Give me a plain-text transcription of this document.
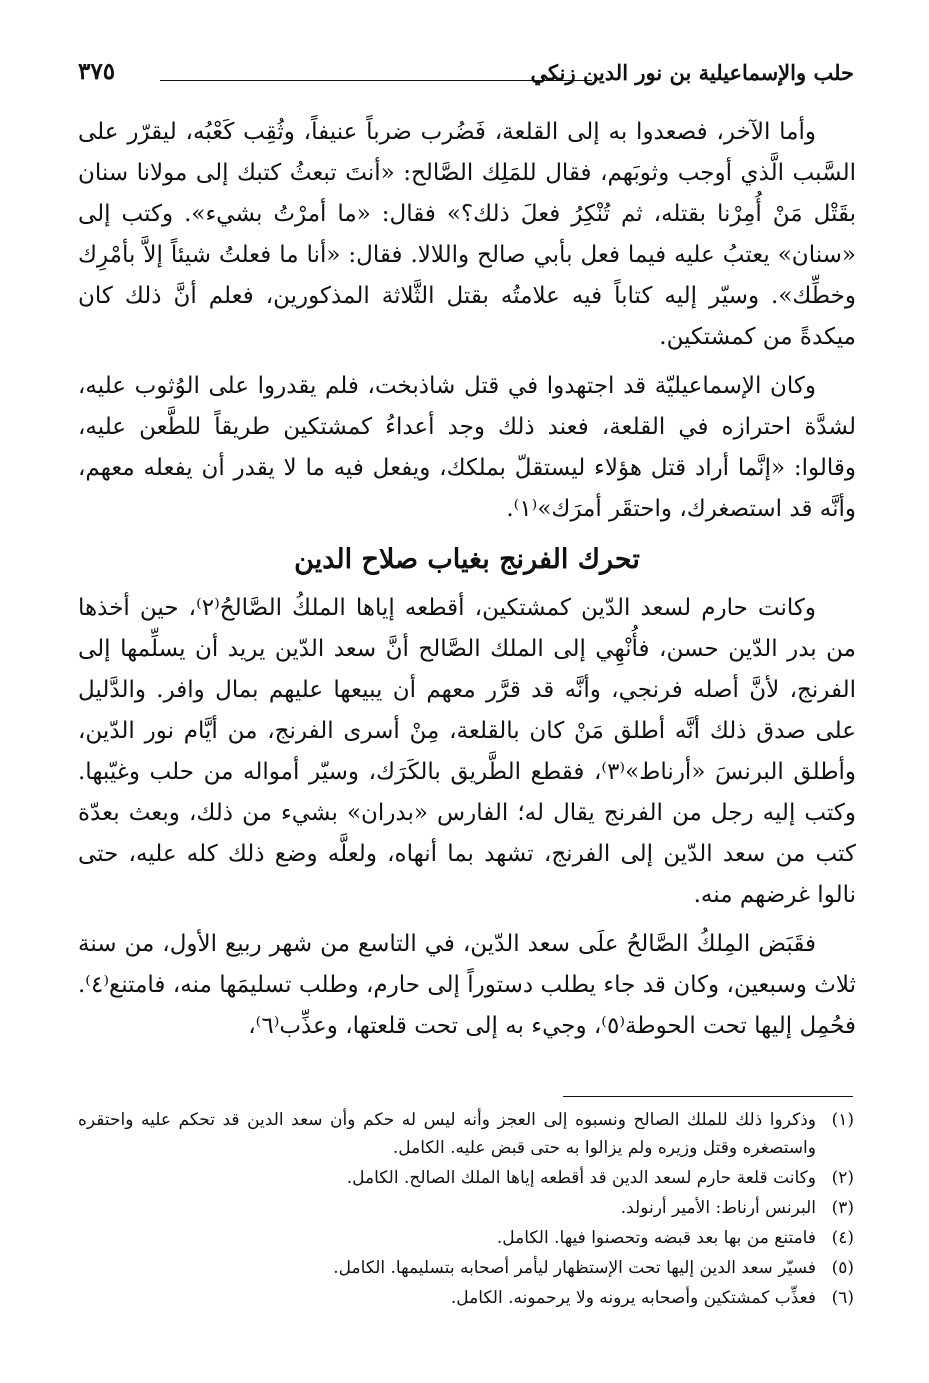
حلب والإسماعيلية بن نور الدين زنكي
٣٧٥

وأما الآخر، فصعدوا به إلى القلعة، فَضُرب ضرباً عنيفاً، وثُقِب كَعْبُه، ليقرّر على السَّبب الَّذي أوجب وثوبَهم، فقال للمَلِك الصَّالح: «أنتَ تبعثُ كتبك إلى مولانا سنان بقَتْل مَنْ أُمِرْنا بقتله، ثم تُنْكِرُ فعلَ ذلك؟» فقال: «ما أمرْتُ بشيء». وكتب إلى «سنان» يعتبُ عليه فيما فعل بأبي صالح واللالا. فقال: «أنا ما فعلتُ شيئاً إلاَّ بأمْرِك وخطِّك». وسيّر إليه كتاباً فيه علامتُه بقتل الثَّلاثة المذكورين، فعلم أنَّ ذلك كان ميكدةً من كمشتكين.

وكان الإسماعيليّة قد اجتهدوا في قتل شاذبخت، فلم يقدروا على الوُثوب عليه، لشدَّة احترازه في القلعة، فعند ذلك وجد أعداءُ كمشتكين طريقاً للطَّعن عليه، وقالوا: «إنَّما أراد قتل هؤلاء ليستقلّ بملكك، ويفعل فيه ما لا يقدر أن يفعله معهم، وأنَّه قد استصغرك، واحتقَر أمرَك»⁽١⁾.

تحرك الفرنج بغياب صلاح الدين

وكانت حارم لسعد الدّين كمشتكين، أقطعه إياها الملكُ الصَّالحُ⁽٢⁾، حين أخذها من بدر الدّين حسن، فأُنْهِي إلى الملك الصَّالح أنَّ سعد الدّين يريد أن يسلِّمها إلى الفرنج، لأنَّ أصله فرنجي، وأنَّه قد قرَّر معهم أن يبيعها عليهم بمال وافر. والدَّليل على صدق ذلك أنَّه أطلق مَنْ كان بالقلعة، مِنْ أسرى الفرنج، من أيَّام نور الدّين، وأطلق البرنسَ «أرناط»⁽٣⁾، فقطع الطَّريق بالكَرَك، وسيّر أمواله من حلب وغيّبها. وكتب إليه رجل من الفرنج يقال له؛ الفارس «بدران» بشيء من ذلك، وبعث بعدّة كتب من سعد الدّين إلى الفرنج، تشهد بما أنهاه، ولعلَّه وضع ذلك كله عليه، حتى نالوا غرضهم منه.

فقَبَض المِلكُ الصَّالحُ علَى سعد الدّين، في التاسع من شهر ربيع الأول، من سنة ثلاث وسبعين، وكان قد جاء يطلب دستوراً إلى حارم، وطلب تسليمَها منه، فامتنع⁽٤⁾. فحُمِل إليها تحت الحوطة⁽٥⁾، وجيء به إلى تحت قلعتها، وعذِّب⁽٦⁾،

(١)
وذكروا ذلك للملك الصالح ونسبوه إلى العجز وأنه ليس له حكم وأن سعد الدين قد تحكم عليه واحتقره واستصغره وقتل وزيره ولم يزالوا به حتى قبض عليه. الكامل.

(٢)
وكانت قلعة حارم لسعد الدين قد أقطعه إياها الملك الصالح. الكامل.

(٣)
البرنس أرناط: الأمير أرنولد.

(٤)
فامتنع من بها بعد قبضه وتحصنوا فيها. الكامل.

(٥)
فسيّر سعد الدين إليها تحت الإستظهار ليأمر أصحابه بتسليمها. الكامل.

(٦)
فعذِّب كمشتكين وأصحابه يرونه ولا يرحمونه. الكامل.
